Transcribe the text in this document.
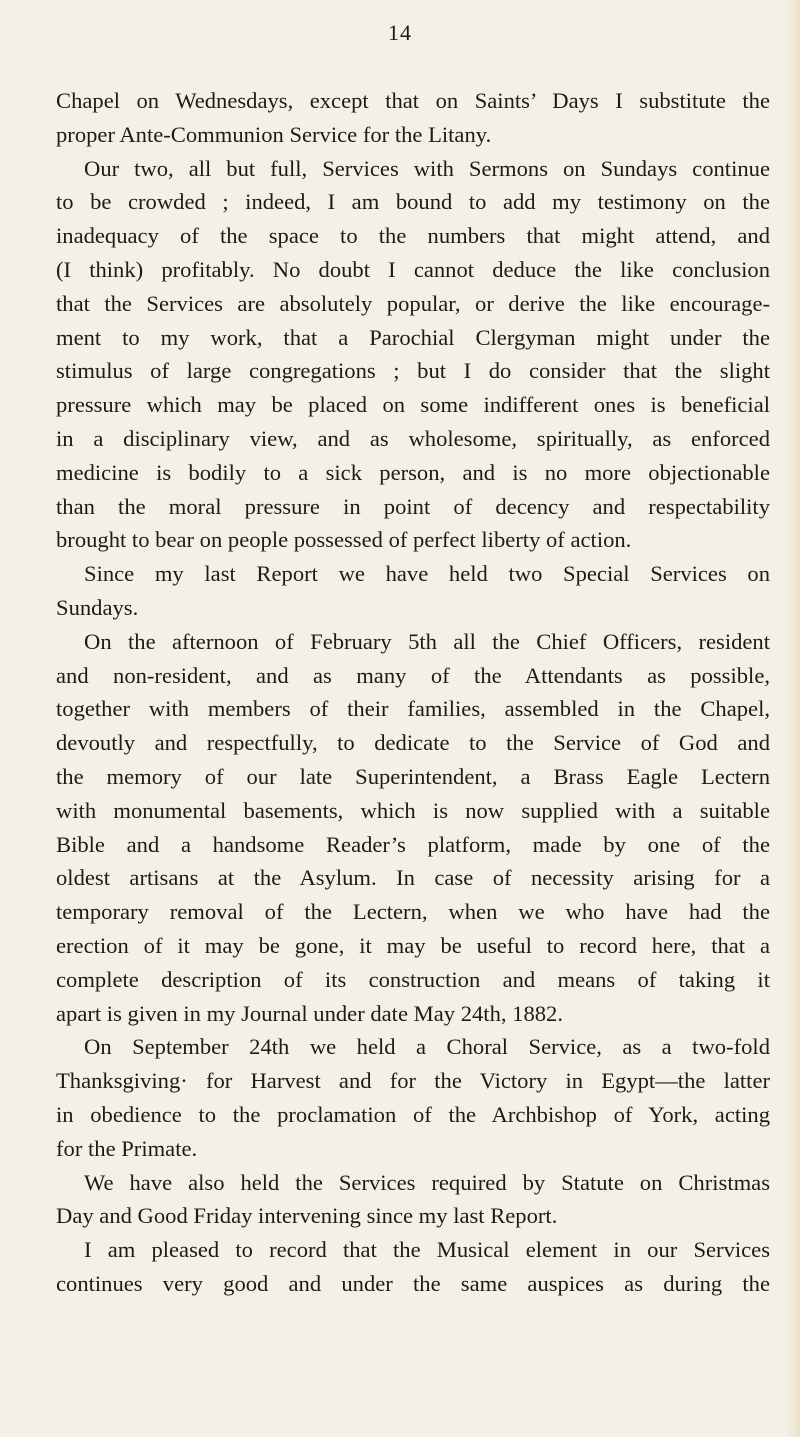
14
Chapel on Wednesdays, except that on Saints’ Days I substitute the
proper Ante-Communion Service for the Litany.
Our two, all but full, Services with Sermons on Sundays continue
to be crowded ; indeed, I am bound to add my testimony on the
inadequacy of the space to the numbers that might attend, and
(I think) profitably. No doubt I cannot deduce the like conclusion
that the Services are absolutely popular, or derive the like encourage-
ment to my work, that a Parochial Clergyman might under the
stimulus of large congregations ; but I do consider that the slight
pressure which may be placed on some indifferent ones is beneficial
in a disciplinary view, and as wholesome, spiritually, as enforced
medicine is bodily to a sick person, and is no more objectionable
than the moral pressure in point of decency and respectability
brought to bear on people possessed of perfect liberty of action.
Since my last Report we have held two Special Services on
Sundays.
On the afternoon of February 5th all the Chief Officers, resident
and non-resident, and as many of the Attendants as possible,
together with members of their families, assembled in the Chapel,
devoutly and respectfully, to dedicate to the Service of God and
the memory of our late Superintendent, a Brass Eagle Lectern
with monumental basements, which is now supplied with a suitable
Bible and a handsome Reader’s platform, made by one of the
oldest artisans at the Asylum. In case of necessity arising for a
temporary removal of the Lectern, when we who have had the
erection of it may be gone, it may be useful to record here, that a
complete description of its construction and means of taking it
apart is given in my Journal under date May 24th, 1882.
On September 24th we held a Choral Service, as a two-fold
Thanksgiving· for Harvest and for the Victory in Egypt—the latter
in obedience to the proclamation of the Archbishop of York, acting
for the Primate.
We have also held the Services required by Statute on Christmas
Day and Good Friday intervening since my last Report.
I am pleased to record that the Musical element in our Services
continues very good and under the same auspices as during the
